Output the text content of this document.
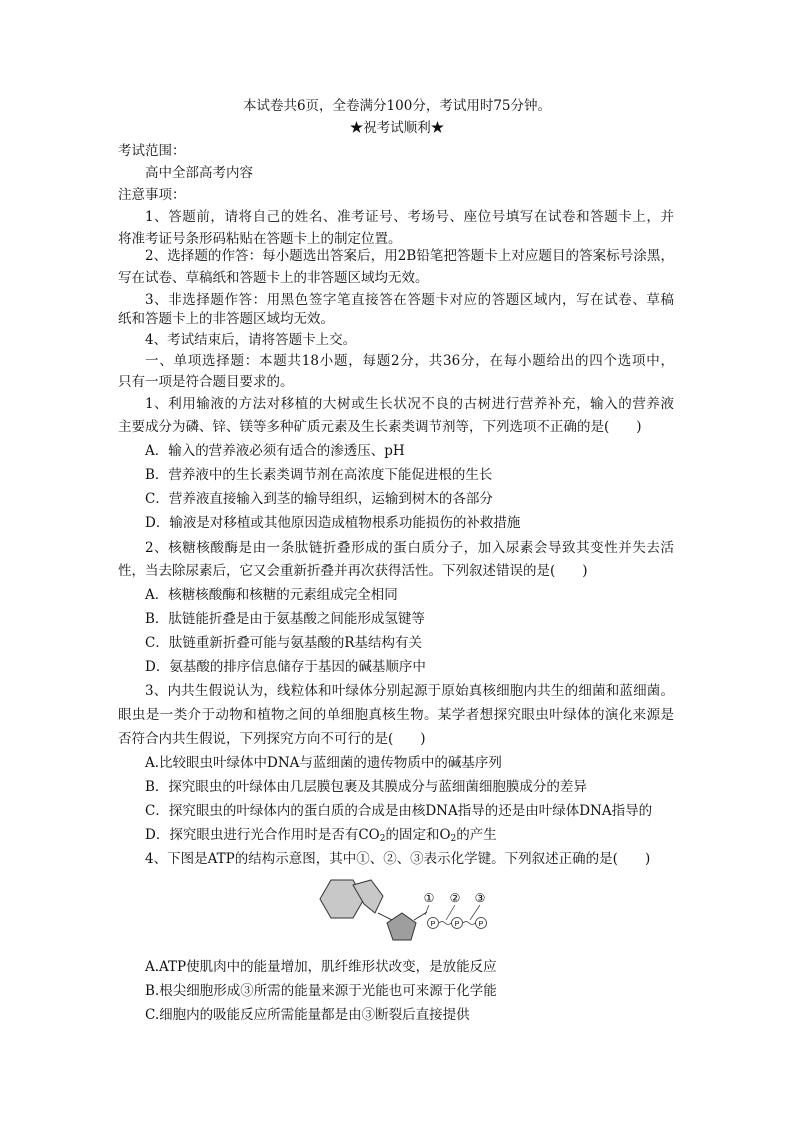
本试卷共6页，全卷满分100分，考试用时75分钟。
★祝考试顺利★
考试范围：
高中全部高考内容
注意事项：
1、答题前，请将自己的姓名、准考证号、考场号、座位号填写在试卷和答题卡上，并
将准考证号条形码粘贴在答题卡上的制定位置。
2、选择题的作答：每小题选出答案后，用2B铅笔把答题卡上对应题目的答案标号涂黑，
写在试卷、草稿纸和答题卡上的非答题区域均无效。
3、非选择题作答：用黑色签字笔直接答在答题卡对应的答题区域内，写在试卷、草稿
纸和答题卡上的非答题区域均无效。
4、考试结束后，请将答题卡上交。
一、单项选择题：本题共18小题，每题2分，共36分，在每小题给出的四个选项中，
只有一项是符合题目要求的。
1、利用输液的方法对移植的大树或生长状况不良的古树进行营养补充，输入的营养液
主要成分为磷、锌、镁等多种矿质元素及生长素类调节剂等，下列选项不正确的是(　　)
A．输入的营养液必须有适合的渗透压、pH
B．营养液中的生长素类调节剂在高浓度下能促进根的生长
C．营养液直接输入到茎的输导组织，运输到树木的各部分
D．输液是对移植或其他原因造成植物根系功能损伤的补救措施
2、核糖核酸酶是由一条肽链折叠形成的蛋白质分子，加入尿素会导致其变性并失去活
性，当去除尿素后，它又会重新折叠并再次获得活性。下列叙述错误的是(　　)
A．核糖核酸酶和核糖的元素组成完全相同
B．肽链能折叠是由于氨基酸之间能形成氢键等
C．肽链重新折叠可能与氨基酸的R基结构有关
D．氨基酸的排序信息储存于基因的碱基顺序中
3、内共生假说认为，线粒体和叶绿体分别起源于原始真核细胞内共生的细菌和蓝细菌。
眼虫是一类介于动物和植物之间的单细胞真核生物。某学者想探究眼虫叶绿体的演化来源是
否符合内共生假说，下列探究方向不可行的是(　　)
A.比较眼虫叶绿体中DNA与蓝细菌的遗传物质中的碱基序列
B．探究眼虫的叶绿体由几层膜包裹及其膜成分与蓝细菌细胞膜成分的差异
C．探究眼虫的叶绿体内的蛋白质的合成是由核DNA指导的还是由叶绿体DNA指导的
D．探究眼虫进行光合作用时是否有$CO_2$的固定和$O_2$的产生
4、下图是ATP的结构示意图，其中①、②、③表示化学键。下列叙述正确的是(　　)
P	P	P
① ② ③
A.ATP使肌肉中的能量增加，肌纤维形状改变，是放能反应
B.根尖细胞形成③所需的能量来源于光能也可来源于化学能
C.细胞内的吸能反应所需能量都是由③断裂后直接提供
